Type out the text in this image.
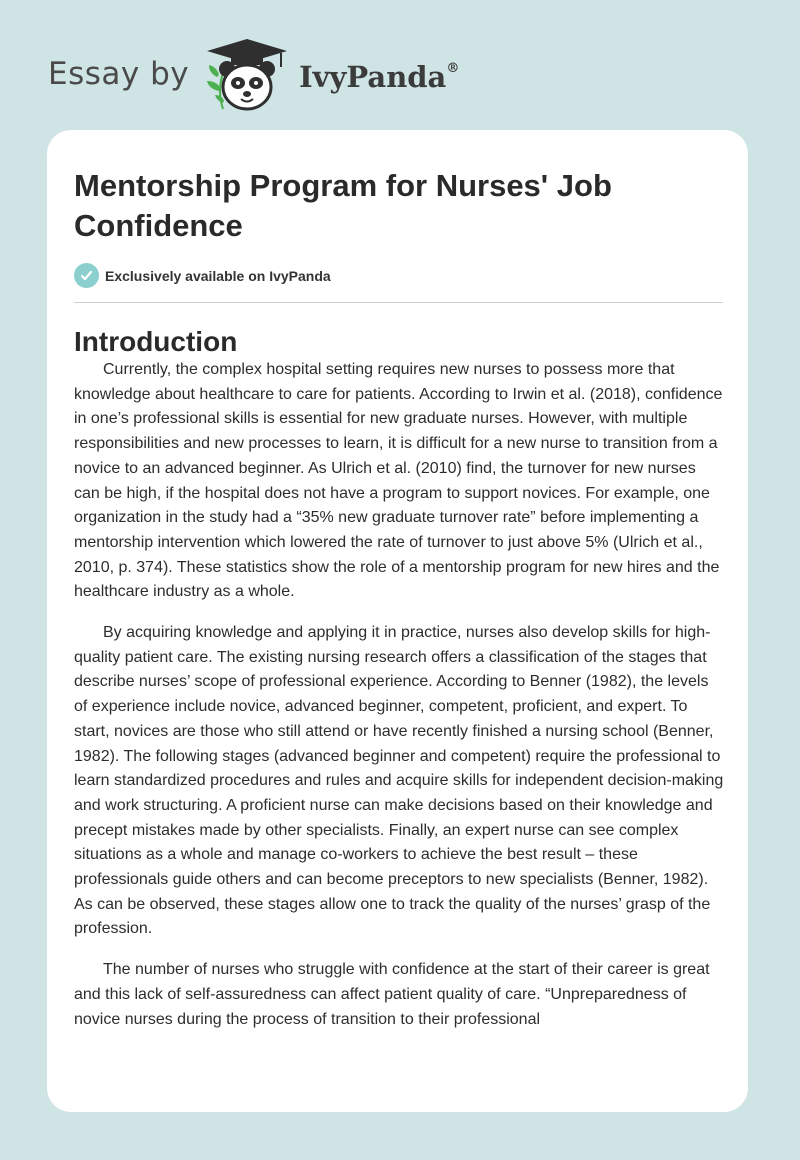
Essay by	IvyPanda®
Mentorship Program for Nurses' Job Confidence
Exclusively available on IvyPanda
Introduction

Currently, the complex hospital setting requires new nurses to possess more that knowledge about healthcare to care for patients. According to Irwin et al. (2018), confidence in one’s professional skills is essential for new graduate nurses. However, with multiple responsibilities and new processes to learn, it is difficult for a new nurse to transition from a novice to an advanced beginner. As Ulrich et al. (2010) find, the turnover for new nurses can be high, if the hospital does not have a program to support novices. For example, one organization in the study had a “35% new graduate turnover rate” before implementing a mentorship intervention which lowered the rate of turnover to just above 5% (Ulrich et al., 2010, p. 374). These statistics show the role of a mentorship program for new hires and the healthcare industry as a whole.

By acquiring knowledge and applying it in practice, nurses also develop skills for high-quality patient care. The existing nursing research offers a classification of the stages that describe nurses’ scope of professional experience. According to Benner (1982), the levels of experience include novice, advanced beginner, competent, proficient, and expert. To start, novices are those who still attend or have recently finished a nursing school (Benner, 1982). The following stages (advanced beginner and competent) require the professional to learn standardized procedures and rules and acquire skills for independent decision-making and work structuring. A proficient nurse can make decisions based on their knowledge and precept mistakes made by other specialists. Finally, an expert nurse can see complex situations as a whole and manage co-workers to achieve the best result – these professionals guide others and can become preceptors to new specialists (Benner, 1982). As can be observed, these stages allow one to track the quality of the nurses’ grasp of the profession.

The number of nurses who struggle with confidence at the start of their career is great and this lack of self-assuredness can affect patient quality of care. “Unpreparedness of novice nurses during the process of transition to their professional
